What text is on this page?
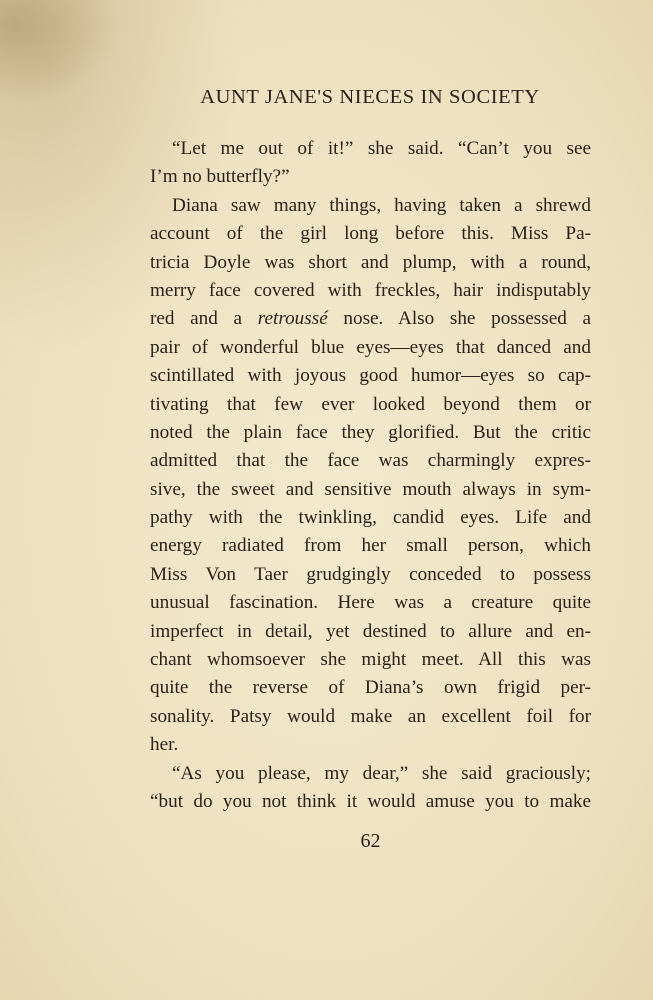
AUNT JANE'S NIECES IN SOCIETY
“Let me out of it!” she said. “Can’t you see
I’m no butterfly?”
Diana saw many things, having taken a shrewd
account of the girl long before this. Miss Pa-
tricia Doyle was short and plump, with a round,
merry face covered with freckles, hair indisputably
red and a retroussé nose. Also she possessed a
pair of wonderful blue eyes—eyes that danced and
scintillated with joyous good humor—eyes so cap-
tivating that few ever looked beyond them or
noted the plain face they glorified. But the critic
admitted that the face was charmingly expres-
sive, the sweet and sensitive mouth always in sym-
pathy with the twinkling, candid eyes. Life and
energy radiated from her small person, which
Miss Von Taer grudgingly conceded to possess
unusual fascination. Here was a creature quite
imperfect in detail, yet destined to allure and en-
chant whomsoever she might meet. All this was
quite the reverse of Diana’s own frigid per-
sonality. Patsy would make an excellent foil for
her.
“As you please, my dear,” she said graciously;
“but do you not think it would amuse you to make
62
